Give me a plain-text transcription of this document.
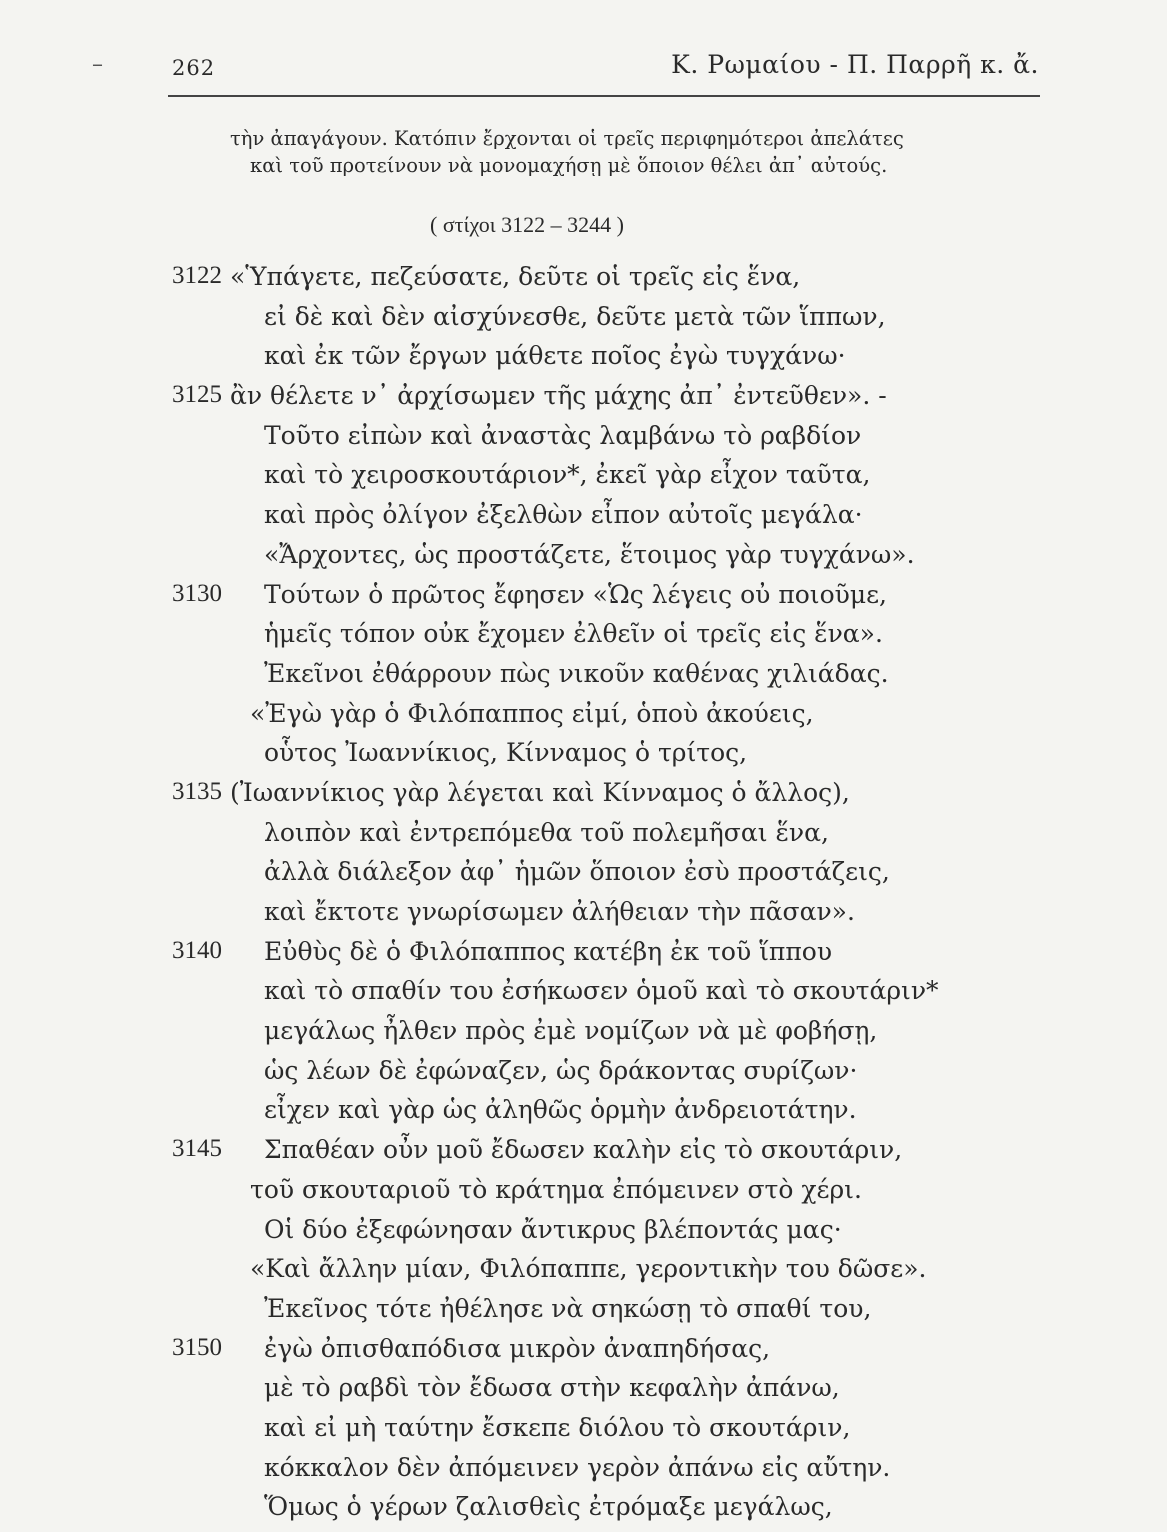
–	262	Κ. Ρωμαίου - Π. Παρρῆ κ. ἄ.
τὴν ἀπαγάγουν. Κατόπιν ἔρχονται οἱ τρεῖς περιφημότεροι ἀπελάτες
καὶ τοῦ προτείνουν νὰ μονομαχήσῃ μὲ ὅποιον θέλει ἀπ᾽ αὐτούς.
( στίχοι 3122 – 3244 )
3122 «Ὑπάγετε, πεζεύσατε, δεῦτε οἱ τρεῖς εἰς ἕνα,
εἰ δὲ καὶ δὲν αἰσχύνεσθε, δεῦτε μετὰ τῶν ἵππων,
καὶ ἐκ τῶν ἔργων μάθετε ποῖος ἐγὼ τυγχάνω·
3125 ἂν θέλετε ν᾽ ἀρχίσωμεν τῆς μάχης ἀπ᾽ ἐντεῦθεν». -
Τοῦτο εἰπὼν καὶ ἀναστὰς λαμβάνω τὸ ραβδίον
καὶ τὸ χειροσκουτάριον*, ἐκεῖ γὰρ εἶχον ταῦτα,
καὶ πρὸς ὀλίγον ἐξελθὼν εἶπον αὐτοῖς μεγάλα·
«Ἄρχοντες, ὡς προστάζετε, ἕτοιμος γὰρ τυγχάνω».
3130 Τούτων ὁ πρῶτος ἔφησεν «Ὡς λέγεις οὐ ποιοῦμε,
ἡμεῖς τόπον οὐκ ἔχομεν ἐλθεῖν οἱ τρεῖς εἰς ἕνα».
Ἐκεῖνοι ἐθάρρουν πὼς νικοῦν καθένας χιλιάδας.
«Ἐγὼ γὰρ ὁ Φιλόπαππος εἰμί, ὁποὺ ἀκούεις,
οὗτος Ἰωαννίκιος, Κίνναμος ὁ τρίτος,
3135 (Ἰωαννίκιος γὰρ λέγεται καὶ Κίνναμος ὁ ἄλλος),
λοιπὸν καὶ ἐντρεπόμεθα τοῦ πολεμῆσαι ἕνα,
ἀλλὰ διάλεξον ἀφ᾽ ἡμῶν ὅποιον ἐσὺ προστάζεις,
καὶ ἔκτοτε γνωρίσωμεν ἀλήθειαν τὴν πᾶσαν».
3140 Εὐθὺς δὲ ὁ Φιλόπαππος κατέβη ἐκ τοῦ ἵππου
καὶ τὸ σπαθίν του ἐσήκωσεν ὁμοῦ καὶ τὸ σκουτάριν*
μεγάλως ἦλθεν πρὸς ἐμὲ νομίζων νὰ μὲ φοβήσῃ,
ὡς λέων δὲ ἐφώναζεν, ὡς δράκοντας συρίζων·
εἶχεν καὶ γὰρ ὡς ἀληθῶς ὁρμὴν ἀνδρειοτάτην.
3145 Σπαθέαν οὖν μοῦ ἔδωσεν καλὴν εἰς τὸ σκουτάριν,
τοῦ σκουταριοῦ τὸ κράτημα ἐπόμεινεν στὸ χέρι.
Οἱ δύο ἐξεφώνησαν ἄντικρυς βλέποντάς μας·
«Καὶ ἄλλην μίαν, Φιλόπαππε, γεροντικὴν του δῶσε».
Ἐκεῖνος τότε ἠθέλησε νὰ σηκώσῃ τὸ σπαθί του,
3150 ἐγὼ ὀπισθαπόδισα μικρὸν ἀναπηδήσας,
μὲ τὸ ραβδὶ τὸν ἔδωσα στὴν κεφαλὴν ἀπάνω,
καὶ εἰ μὴ ταύτην ἔσκεπε διόλου τὸ σκουτάριν,
κόκκαλον δὲν ἀπόμεινεν γερὸν ἀπάνω εἰς αὔτην.
Ὅμως ὁ γέρων ζαλισθεὶς ἐτρόμαξε μεγάλως,
